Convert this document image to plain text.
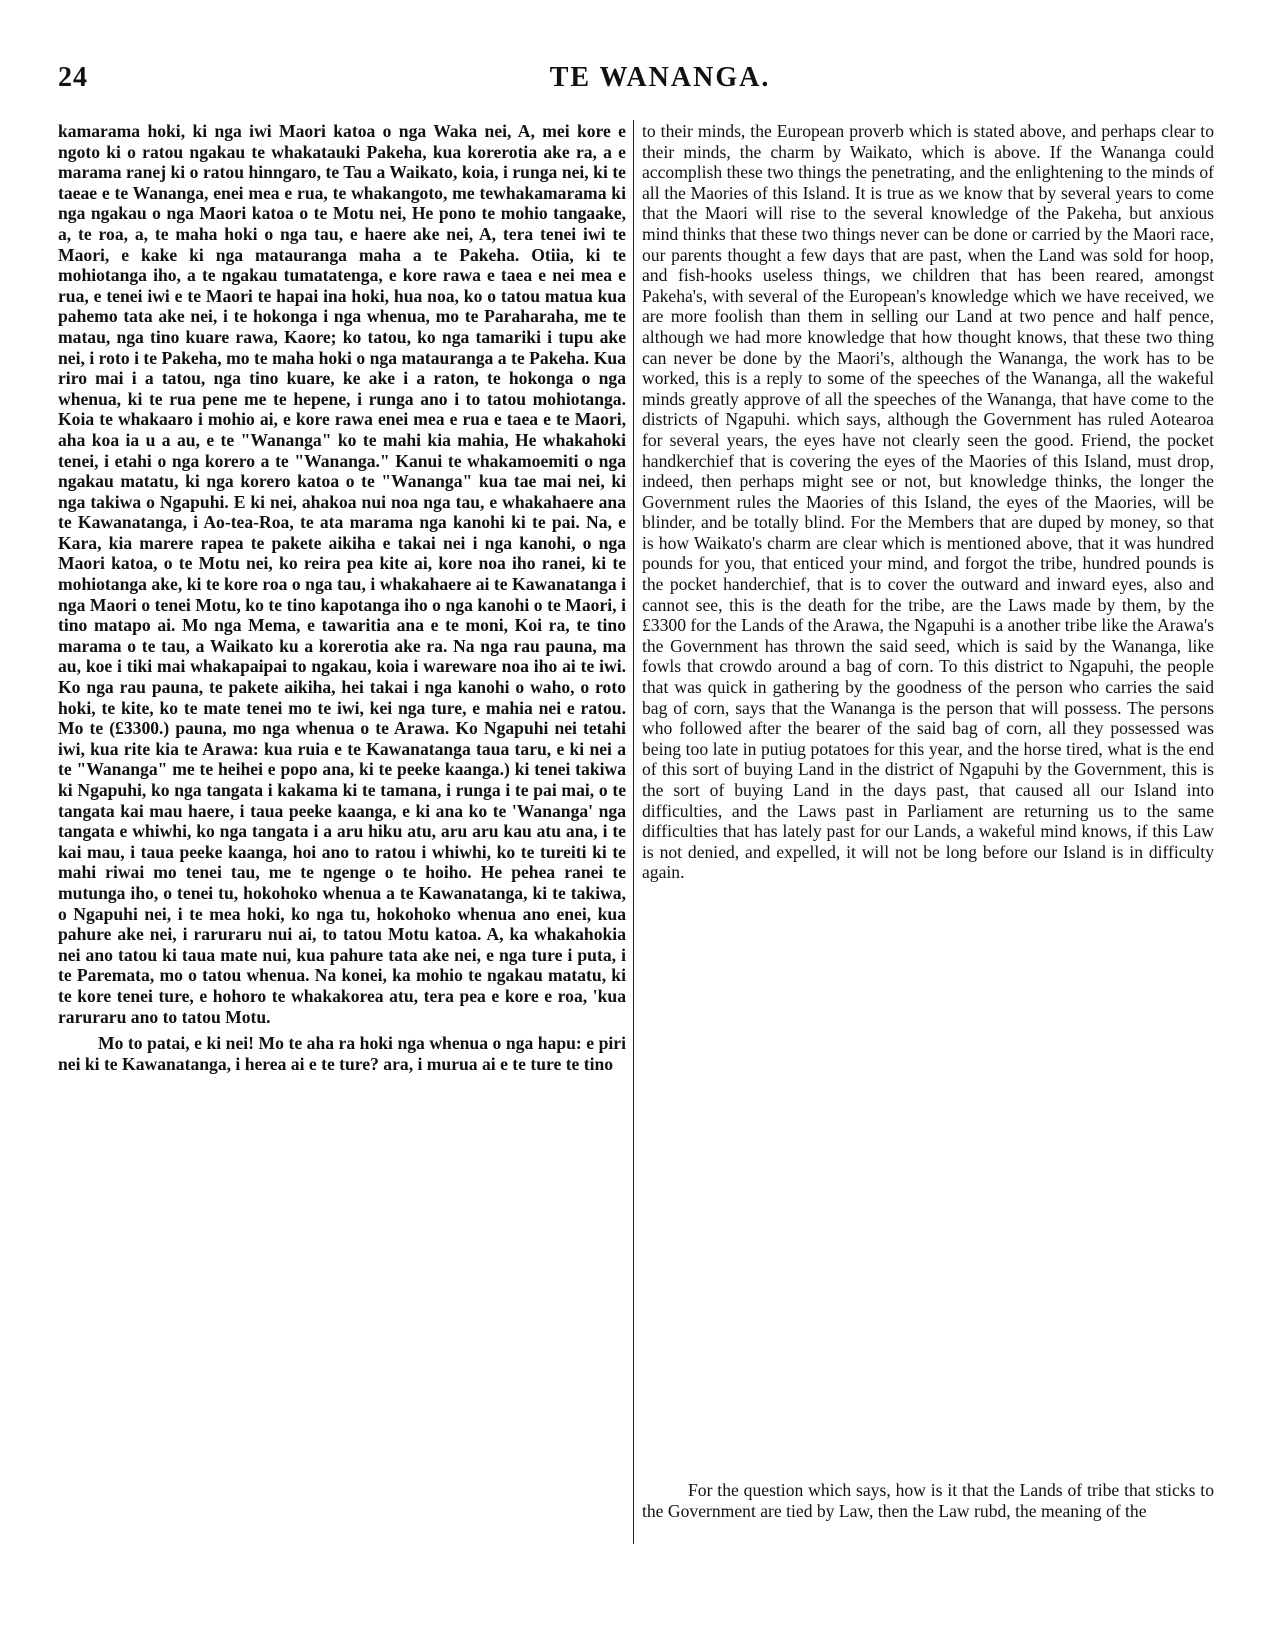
24	TE WANANGA.

kamarama hoki, ki nga iwi Maori katoa o nga Waka nei, A, mei kore e ngoto ki o ratou ngakau te whakatauki Pakeha, kua korerotia ake ra, a e marama ranej ki o ratou hinngaro, te Tau a Waikato, koia, i runga nei, ki te taeae e te Wananga, enei mea e rua, te whakangoto, me tewhakamarama ki nga ngakau o nga Maori katoa o te Motu nei, He pono te mohio tangaake, a, te roa, a, te maha hoki o nga tau, e haere ake nei, A, tera tenei iwi te Maori, e kake ki nga matauranga maha a te Pakeha. Otiia, ki te mohiotanga iho, a te ngakau tumatatenga, e kore rawa e taea e nei mea e rua, e tenei iwi e te Maori te hapai ina hoki, hua noa, ko o tatou matua kua pahemo tata ake nei, i te hokonga i nga whenua, mo te Paraharaha, me te matau, nga tino kuare rawa, Kaore; ko tatou, ko nga tamariki i tupu ake nei, i roto i te Pakeha, mo te maha hoki o nga matauranga a te Pakeha. Kua riro mai i a tatou, nga tino kuare, ke ake i a raton, te hokonga o nga whenua, ki te rua pene me te hepene, i runga ano i to tatou mohiotanga. Koia te whakaaro i mohio ai, e kore rawa enei mea e rua e taea e te Maori, aha koa ia u a au, e te "Wananga" ko te mahi kia mahia, He whakahoki tenei, i etahi o nga korero a te "Wananga." Kanui te whakamoemiti o nga ngakau matatu, ki nga korero katoa o te "Wananga" kua tae mai nei, ki nga takiwa o Ngapuhi. E ki nei, ahakoa nui noa nga tau, e whakahaere ana te Kawanatanga, i Ao-tea-Roa, te ata marama nga kanohi ki te pai. Na, e Kara, kia marere rapea te pakete aikiha e takai nei i nga kanohi, o nga Maori katoa, o te Motu nei, ko reira pea kite ai, kore noa iho ranei, ki te mohiotanga ake, ki te kore roa o nga tau, i whakahaere ai te Kawanatanga i nga Maori o tenei Motu, ko te tino kapotanga iho o nga kanohi o te Maori, i tino matapo ai. Mo nga Mema, e tawaritia ana e te moni, Koi ra, te tino marama o te tau, a Waikato ku a korerotia ake ra. Na nga rau pauna, ma au, koe i tiki mai whakapaipai to ngakau, koia i wareware noa iho ai te iwi. Ko nga rau pauna, te pakete aikiha, hei takai i nga kanohi o waho, o roto hoki, te kite, ko te mate tenei mo te iwi, kei nga ture, e mahia nei e ratou. Mo te (£3300.) pauna, mo nga whenua o te Arawa. Ko Ngapuhi nei tetahi iwi, kua rite kia te Arawa: kua ruia e te Kawanatanga taua taru, e ki nei a te "Wananga" me te heihei e popo ana, ki te peeke kaanga.) ki tenei takiwa ki Ngapuhi, ko nga tangata i kakama ki te tamana, i runga i te pai mai, o te tangata kai mau haere, i taua peeke kaanga, e ki ana ko te 'Wananga' nga tangata e whiwhi, ko nga tangata i a aru hiku atu, aru aru kau atu ana, i te kai mau, i taua peeke kaanga, hoi ano to ratou i whiwhi, ko te tureiti ki te mahi riwai mo tenei tau, me te ngenge o te hoiho. He pehea ranei te mutunga iho, o tenei tu, hokohoko whenua a te Kawanatanga, ki te takiwa, o Ngapuhi nei, i te mea hoki, ko nga tu, hokohoko whenua ano enei, kua pahure ake nei, i raruraru nui ai, to tatou Motu katoa. A, ka whakahokia nei ano tatou ki taua mate nui, kua pahure tata ake nei, e nga ture i puta, i te Paremata, mo o tatou whenua. Na konei, ka mohio te ngakau matatu, ki te kore tenei ture, e hohoro te whakakorea atu, tera pea e kore e roa, 'kua raruraru ano to tatou Motu.

Mo to patai, e ki nei! Mo te aha ra hoki nga whenua o nga hapu: e piri nei ki te Kawanatanga, i herea ai e te ture? ara, i murua ai e te ture te tino

to their minds, the European proverb which is stated above, and perhaps clear to their minds, the charm by Waikato, which is above. If the Wananga could accomplish these two things the penetrating, and the enlightening to the minds of all the Maories of this Island. It is true as we know that by several years to come that the Maori will rise to the several knowledge of the Pakeha, but anxious mind thinks that these two things never can be done or carried by the Maori race, our parents thought a few days that are past, when the Land was sold for hoop, and fish-hooks useless things, we children that has been reared, amongst Pakeha's, with several of the European's knowledge which we have received, we are more foolish than them in selling our Land at two pence and half pence, although we had more knowledge that how thought knows, that these two thing can never be done by the Maori's, although the Wananga, the work has to be worked, this is a reply to some of the speeches of the Wananga, all the wakeful minds greatly approve of all the speeches of the Wananga, that have come to the districts of Ngapuhi. which says, although the Government has ruled Aotearoa for several years, the eyes have not clearly seen the good. Friend, the pocket handkerchief that is covering the eyes of the Maories of this Island, must drop, indeed, then perhaps might see or not, but knowledge thinks, the longer the Government rules the Maories of this Island, the eyes of the Maories, will be blinder, and be totally blind. For the Members that are duped by money, so that is how Waikato's charm are clear which is mentioned above, that it was hundred pounds for you, that enticed your mind, and forgot the tribe, hundred pounds is the pocket handerchief, that is to cover the outward and inward eyes, also and cannot see, this is the death for the tribe, are the Laws made by them, by the £3300 for the Lands of the Arawa, the Ngapuhi is a another tribe like the Arawa's the Government has thrown the said seed, which is said by the Wananga, like fowls that crowdo around a bag of corn. To this district to Ngapuhi, the people that was quick in gathering by the goodness of the person who carries the said bag of corn, says that the Wananga is the person that will possess. The persons who followed after the bearer of the said bag of corn, all they possessed was being too late in putiug potatoes for this year, and the horse tired, what is the end of this sort of buying Land in the district of Ngapuhi by the Government, this is the sort of buying Land in the days past, that caused all our Island into difficulties, and the Laws past in Parliament are returning us to the same difficulties that has lately past for our Lands, a wakeful mind knows, if this Law is not denied, and expelled, it will not be long before our Island is in difficulty again.

For the question which says, how is it that the Lands of tribe that sticks to the Government are tied by Law, then the Law rubd, the meaning of the
